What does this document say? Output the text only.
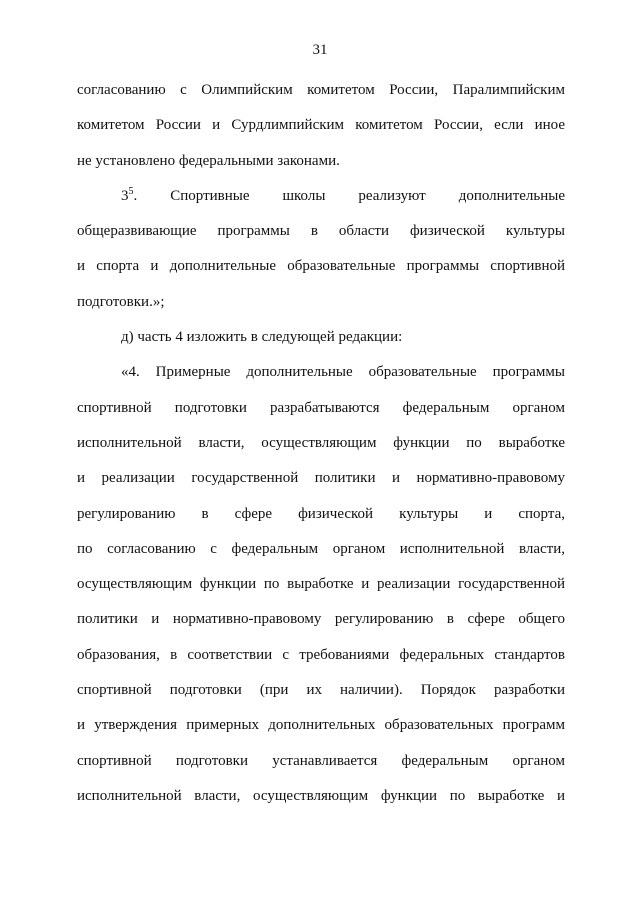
31
согласованию с Олимпийским комитетом России, Паралимпийским
комитетом России и Сурдлимпийским комитетом России, если иное
не установлено федеральными законами.
$3^5$. Спортивные школы реализуют дополнительные
общеразвивающие программы в области физической культуры
и спорта и дополнительные образовательные программы спортивной
подготовки.»;
д) часть 4 изложить в следующей редакции:
«4. Примерные дополнительные образовательные программы
спортивной подготовки разрабатываются федеральным органом
исполнительной власти, осуществляющим функции по выработке
и реализации государственной политики и нормативно-правовому
регулированию в сфере физической культуры и спорта,
по согласованию с федеральным органом исполнительной власти,
осуществляющим функции по выработке и реализации государственной
политики и нормативно-правовому регулированию в сфере общего
образования, в соответствии с требованиями федеральных стандартов
спортивной подготовки (при их наличии). Порядок разработки
и утверждения примерных дополнительных образовательных программ
спортивной подготовки устанавливается федеральным органом
исполнительной власти, осуществляющим функции по выработке и
